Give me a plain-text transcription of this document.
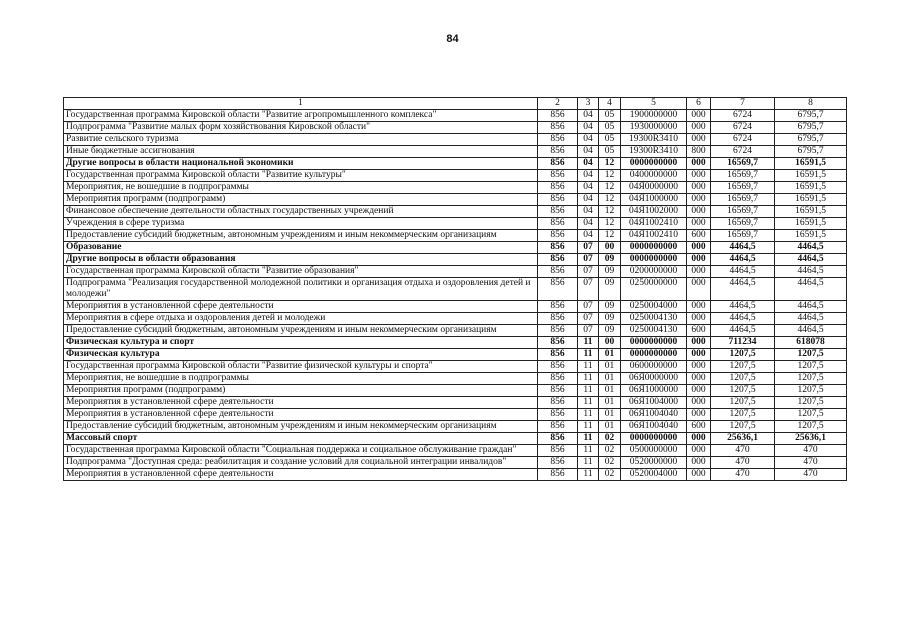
84
1	2	3	4	5	6	7	8
Государственная программа Кировской области "Развитие агропромышленного комплекса"	856	04	05	1900000000	000	6724	6795,7
Подпрограмма "Развитие малых форм хозяйствования Кировской области"	856	04	05	1930000000	000	6724	6795,7
Развитие сельского туризма	856	04	05	19300R3410	000	6724	6795,7
Иные бюджетные ассигнования	856	04	05	19300R3410	800	6724	6795,7
Другие вопросы в области национальной экономики	856	04	12	0000000000	000	16569,7	16591,5
Государственная программа Кировской области "Развитие культуры"	856	04	12	0400000000	000	16569,7	16591,5
Мероприятия, не вошедшие в подпрограммы	856	04	12	04Я0000000	000	16569,7	16591,5
Мероприятия программ (подпрограмм)	856	04	12	04Я1000000	000	16569,7	16591,5
Финансовое обеспечение деятельности областных государственных учреждений	856	04	12	04Я1002000	000	16569,7	16591,5
Учреждения в сфере туризма	856	04	12	04Я1002410	000	16569,7	16591,5
Предоставление субсидий бюджетным, автономным учреждениям и иным некоммерческим организациям	856	04	12	04Я1002410	600	16569,7	16591,5
Образование	856	07	00	0000000000	000	4464,5	4464,5
Другие вопросы в области образования	856	07	09	0000000000	000	4464,5	4464,5
Государственная программа Кировской области "Развитие образования"	856	07	09	0200000000	000	4464,5	4464,5
Подпрограмма "Реализация государственной молодежной политики и организация отдыха и оздоровления детей и молодежи"	856	07	09	0250000000	000	4464,5	4464,5
Мероприятия в установленной сфере деятельности	856	07	09	0250004000	000	4464,5	4464,5
Мероприятия в сфере отдыха и оздоровления детей и молодежи	856	07	09	0250004130	000	4464,5	4464,5
Предоставление субсидий бюджетным, автономным учреждениям и иным некоммерческим организациям	856	07	09	0250004130	600	4464,5	4464,5
Физическая культура и спорт	856	11	00	0000000000	000	711234	618078
Физическая культура	856	11	01	0000000000	000	1207,5	1207,5
Государственная программа Кировской области "Развитие физической культуры и спорта"	856	11	01	0600000000	000	1207,5	1207,5
Мероприятия, не вошедшие в подпрограммы	856	11	01	06Я0000000	000	1207,5	1207,5
Мероприятия программ (подпрограмм)	856	11	01	06Я1000000	000	1207,5	1207,5
Мероприятия в установленной сфере деятельности	856	11	01	06Я1004000	000	1207,5	1207,5
Мероприятия в установленной сфере деятельности	856	11	01	06Я1004040	000	1207,5	1207,5
Предоставление субсидий бюджетным, автономным учреждениям и иным некоммерческим организациям	856	11	01	06Я1004040	600	1207,5	1207,5
Массовый спорт	856	11	02	0000000000	000	25636,1	25636,1
Государственная программа Кировской области "Социальная поддержка и социальное обслуживание граждан"	856	11	02	0500000000	000	470	470
Подпрограмма "Доступная среда: реабилитация и создание условий для социальной интеграции инвалидов"	856	11	02	0520000000	000	470	470
Мероприятия в установленной сфере деятельности	856	11	02	0520004000	000	470	470
